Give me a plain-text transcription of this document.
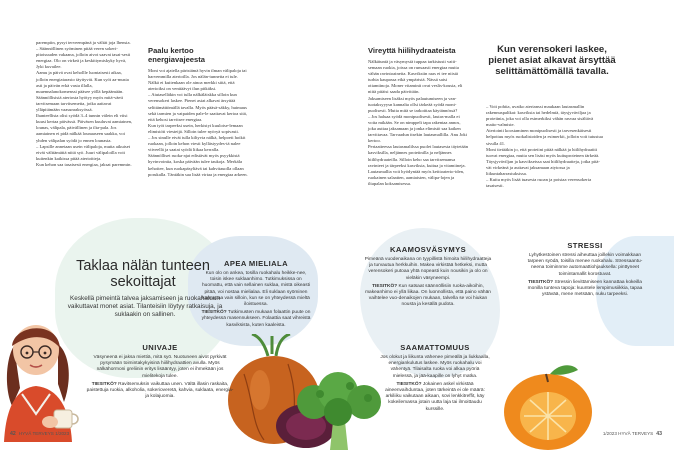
parempiin, pysyt terveempänä ja vältät joja lhensia.

– Säännöllinen syöminen pitää veren sokeri-pitoisuuden vakaana, jolloin aivot saavat tasai-sesti energiaa. Olo on virkeä ja keskittymiskyky hyvä, Jyki kuvailee.

Aamu ja päivä ovat kehollle luontaisesti aikaa, jolloin energiatarasto täyttyvät. Kun syöt aa-musta asti ja päivän erkä vasta illalla, nuuennalanokomenssi pääsee yöllä kepäämään. Säännöllisistä ateriosta hyötyy myös mitä-väeti tarvitsemaan tarvitsemetta, jotka aattavat ylläpitämään vaasunraksyössä.

Ihanteellista olisi syödä 3–4 tunnin välein eli viisi kuusi kertaa päivässä. Päiväsen kuuluvat aamiainen, lounas, välipala, päivällinen ja ilta-pala. Jos aamiainen ei pidä nälkää lounaaseen saakka, voi yhden välipalan syödä jo ennen lounasta.

– Lapsille annetaan usein välipaloja, mutta aikuiset eivät välttämättä niitä syö. Juuri välipaloilla voit kuitenkin kaikissa pitää aterioitteja.

Kun kehon saa tasaisesti energiaa, jaksat paremmin.

Paalu kertoo energiavajeesta

Moni voi ajatella päristämä hyvin ilman välipaloja tai harvemmilla aterioilla. Jos nälän-tunnetta ei tule. Nälkä ei kuitenkaan ole ainoa merkki siitä, että aterioiksi on venttäävyt ilun pitkäksi.

– Aiutaselläkin voi tulla nälkäläiskka silloin kun verensokeri laskee. Pienet asiat alkavat ärsyttää selittämättömällä tavalla. Myös pääsä-säkky, huimaus sekä tarmien ja vatpaiden pale-le saattavat kertoa sitä, että kehosi tarvitsee energiaa.

Kun työt tarpeeksi usein, herkistyt kuuloise-lemaan elimistöti viesteijä. Silloin tulee nyöryä sopivasti.

– Jos sinulle eivät tulla kiltyvia nälkä, helpoeti hoikit ruokaan, jolloin kehon viesti kyllästyydes-tä nalee viiveellä ja saatat syödä liikaa kerralla.

Säännölliset ruoka-ajat edistävät myös psyykkistä hyvinvointia, koska päivään tulee taukoja. Merkäla kehoitee, kun ruokapäsyltävä tai kahvitauolla ollaan porukalla. Täntäkin saa lisää virtaa ja energiaa arkeen.

Vireyttä hiilihydraateista

Nälkätuntä ja väsymystä tuppaa tarkistusti vaiti-semaan ruokia, joissa on runsaasti energiaa mutta vähän ravintoaineita. Kasvikstin raas ei tee niistä turhia kaupassa eikä ympäristä. Nässä saisi ottamtinoja. Moner vitaminit ovat veslis-kousia, eli niitä pitäisi saada päivittäin.

Jaksamiseen lisäksi myös palautumiseen ja van-tuotaksyyysn kannalta ollsi tärkeää syödä mont-puolisesti. Mutta mitä se tarkoittaa käytännössä?

– Jos haluaa syödä monipuolisesti, lautas-malla ei voita mikään. Se on nimppeli tapa rakentaa annos, joka auttaa jaksamaan ja jonka elimistö saa kaiken tarvittavaa. Tarvaadun itsekin lautasmallilla. Anu Joki kertoo.

Periaatteessa lautasmalilssa puolet lautasesta täytetään kasviksilla, neljännes proteiinilla ja neljännes hiilihydraateilla. Silloin keho saa tarvitsemansa ravinteet ja tärpeeksi kasviksia, kuitua ja vitamiineja.

Lautasmallia voit hyödyntää myös keittoaterio-iden, ruokainen salaatten, aamiaisten, välipa-lojen ja iltapalan koksamisessa.

Kun verensokeri laskee, pienet asiat alkavat ärsyttää selittämättömällä tavalla.

– Voit pohtia, uvatko aterianssi maukaan lautasmallin rakennuspalikat: kasviksia tai hedelmiä, täysjyväviljaa ja proteiinia, joka voi olla esimerkiksi vähän rasvaa sisältävä maito-valmiste.

Ateriointi koostaminen monipuolisesti ja tarvesenkäisesti helpottuu myös ruokalistoiden ja esimerkit, jolloin voit tutustua sivulla 41.

Moni tietääkin jo, että proteiini pitää nälkää ja hiilihydraatiti tuovat energiaa, mutta sen lisäsi myös kuituproteinen tärkeää. Täysjyväviljan ja kasvikseissa saat hiilihydraatteja, jotka pitä-vät virkeänä ja auttavat jaksamaan atytossa ja liikuntaharrastuksissa.

– Kuitu myös lisää tuasesta ruoan ja poistaa verensokeria tasaisesti.

Taklaa nälän tunteen sekoittajat
Keskellä pimeintä talvea jaksamiseen ja ruokahaluun vaikuttavat monet asiat. Tilanteisiin löytyy ratkaisuja, ja suklaakin on sallinen.
APEA MIELIALA

Kun olo on ankea, tosilla ruokahalu heikke-nee, toisin iskee suklaanhimo. Tutkimuksissa on huomattu, että vain sellainen suklaa, mistä oikeasti pitää, voi nostaa mielialaa. Eli suklaan syöminen kannattaa vain silloin, kun se on yhteydessä mieltä iloistuessa.

TIESITKÖ? Tutkimusten mukaan folaattin puute on yhteydessä masennukseen. Folaattia saat vihreistä kasviksista, kuten kaaleista.

UNIVAJE

Väsyneenä ei jaksa miettiä, mitä syö. Nuotuneen aivot pyrkivät pysymään toimintakykyisinä hiilihydraattien avulla. Myös nälkähormoni greliinin eritys lisääntyy, joten ei ihmekään jos mielitekoja tulee.

TIESITKÖ? Ravitsemuksin vaikuttaa unen. Vältä illasin raskaita, paistettuja ruokia, alkoholia, sokerioveretä, kahvia, suklaata, energia- ja kolajuomia.

KAAMOSVÄSYMYS

Pimeänä vuodenaikana on tyypillistä himoita hiilihydraatteja ja turvautua herkkuihin. Makea virkistää hetkeksi, mutta verensokeri putoaa yhtä nopeasti kuin nousikin ja olo on vieläkin väsyneempi.

TIESITKÖ? Kun satsaat säännöllisiin ruoka-aikoihin, makeanhimo ei yllä liikaa. On luonnollista, että paino vähän vaihtelee vuo-denaikojen mukaan, talvella se voi hiukan nousta ja kesällä pudota.

SAAMATTOMUUS

Jos olokut ja liikunta vähenee pimeällä ja liukkaalla, energiankulutus laskee. Myös ruokahalu voi vähentyä. Tilaisalta ruoka voi alkaa pyöriä mielessä, ja jää-kaapille on lyhyt matka.

TIESITKÖ? Jokainen askel virkistää aineenvaihduntaa, joten tärkeintä ei ole määrä: arkiliiku vaikutaan aikaan, sovi lenkkitreffit, käy kokeilemassa jotain uutta laja tai ilmoittaudu kurssille.

STRESSI

Lyhytkestoinen stressi aiheuttaa joillekin voimakkaan tarpeen syödä, toisilla menee ruokahalu. Stressaantu-neena toiminnme automaattiohjauksella: pinttyneet toimintamallit korostuvat.

TIESITKÖ? Stressin lievittämiseen kannattaa kokeilla monilla tunteva tapoja: kuuntele lempimusiikkia, tapaa ystävää, mene metsään, nuku tarpeeksi.

42 HYVÄ TERVEYS 1/2023	1/2023 HYVÄ TERVEYS 43
